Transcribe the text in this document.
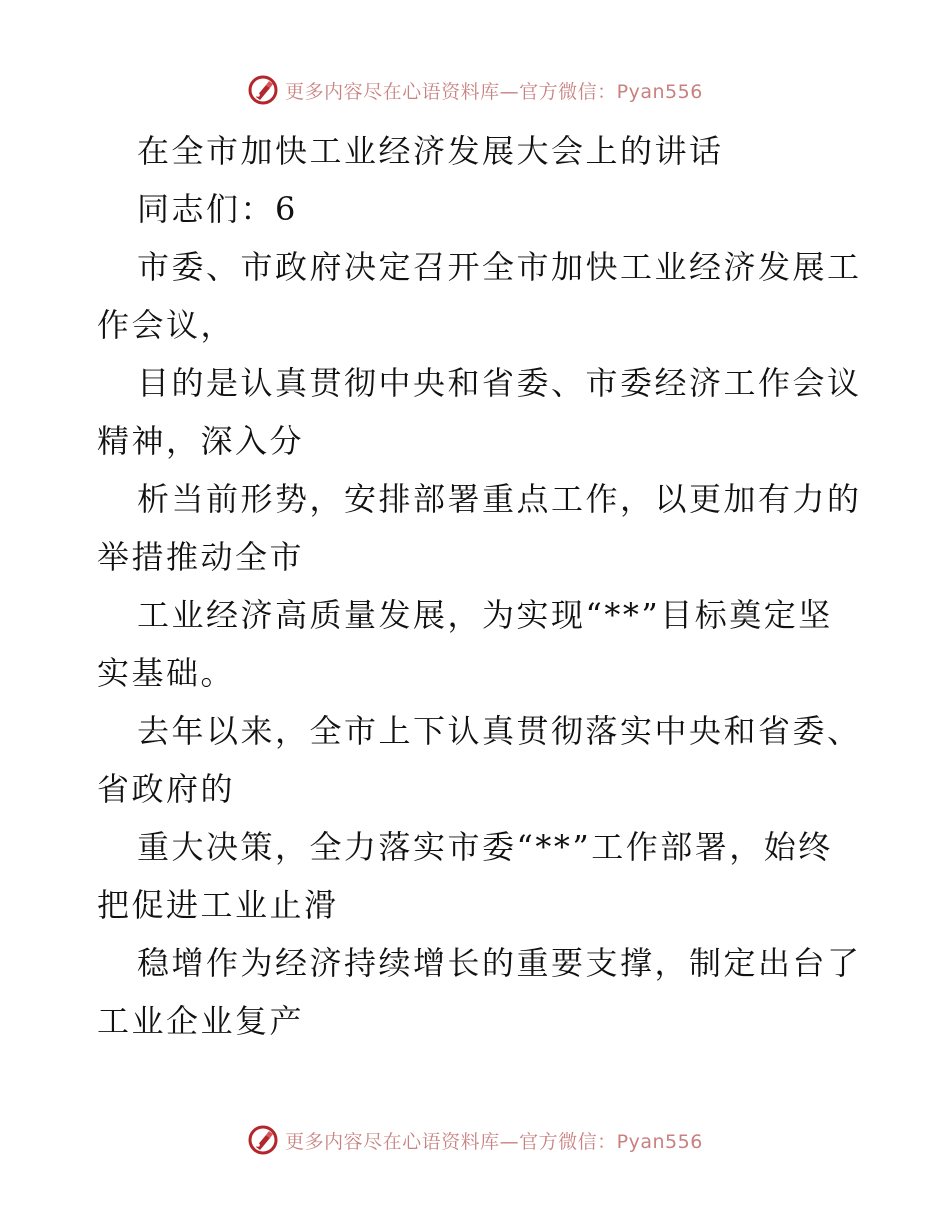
更多内容尽在心语资料库—官方微信：Pyan556
在全市加快工业经济发展大会上的讲话
同志们：6
市委、市政府决定召开全市加快工业经济发展工
作会议，
目的是认真贯彻中央和省委、市委经济工作会议
精神，深入分
析当前形势，安排部署重点工作，以更加有力的
举措推动全市
工业经济高质量发展，为实现“**”目标奠定坚
实基础。
去年以来，全市上下认真贯彻落实中央和省委、
省政府的
重大决策，全力落实市委“**”工作部署，始终
把促进工业止滑
稳增作为经济持续增长的重要支撑，制定出台了
工业企业复产
更多内容尽在心语资料库—官方微信：Pyan556
